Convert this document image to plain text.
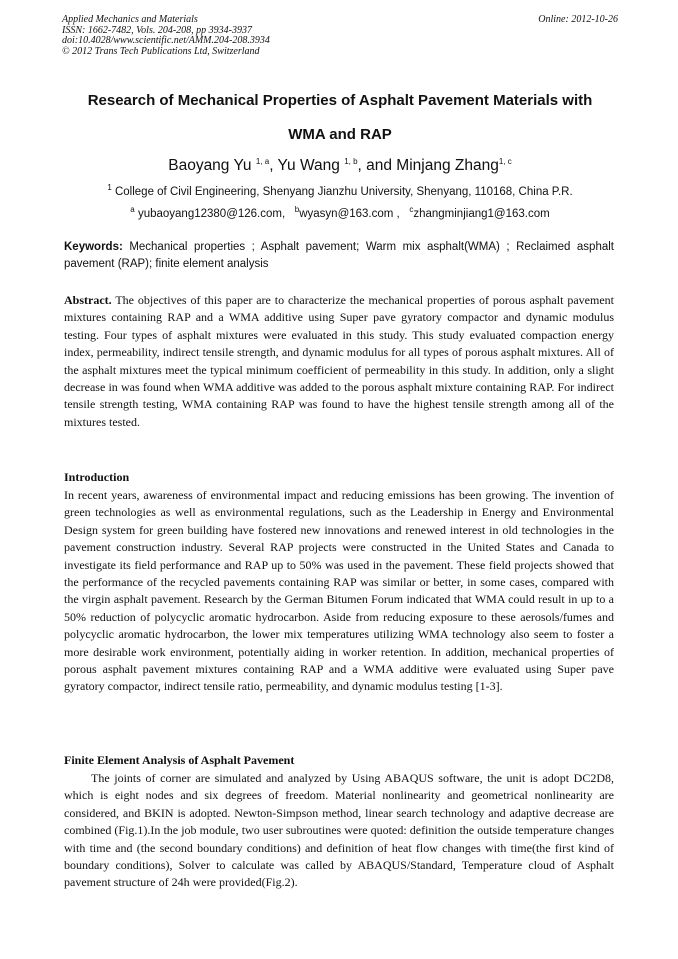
Applied Mechanics and Materials
ISSN: 1662-7482, Vols. 204-208, pp 3934-3937
doi:10.4028/www.scientific.net/AMM.204-208.3934
© 2012 Trans Tech Publications Ltd, Switzerland
Online: 2012-10-26
Research of Mechanical Properties of Asphalt Pavement Materials with
WMA and RAP
Baoyang Yu $^{1, a}$, Yu Wang $^{1, b}$, and Minjang Zhang$^{1, c}$
$^1$ College of Civil Engineering, Shenyang Jianzhu University, Shenyang, 110168, China P.R.
$^a$ yubaoyang12380@126.com, $^b$wyasyn@163.com , $^c$zhangminjiang1@163.com
Keywords: Mechanical properties ; Asphalt pavement; Warm mix asphalt(WMA) ; Reclaimed asphalt pavement (RAP); finite element analysis
Abstract. The objectives of this paper are to characterize the mechanical properties of porous asphalt pavement mixtures containing RAP and a WMA additive using Super pave gyratory compactor and dynamic modulus testing. Four types of asphalt mixtures were evaluated in this study. This study evaluated compaction energy index, permeability, indirect tensile strength, and dynamic modulus for all types of porous asphalt mixtures. All of the asphalt mixtures meet the typical minimum coefficient of permeability in this study. In addition, only a slight decrease in was found when WMA additive was added to the porous asphalt mixture containing RAP. For indirect tensile strength testing, WMA containing RAP was found to have the highest tensile strength among all of the mixtures tested.
Introduction
In recent years, awareness of environmental impact and reducing emissions has been growing. The invention of green technologies as well as environmental regulations, such as the Leadership in Energy and Environmental Design system for green building have fostered new innovations and renewed interest in old technologies in the pavement construction industry. Several RAP projects were constructed in the United States and Canada to investigate its field performance and RAP up to 50% was used in the pavement. These field projects showed that the performance of the recycled pavements containing RAP was similar or better, in some cases, compared with the virgin asphalt pavement. Research by the German Bitumen Forum indicated that WMA could result in up to a 50% reduction of polycyclic aromatic hydrocarbon. Aside from reducing exposure to these aerosols/fumes and polycyclic aromatic hydrocarbon, the lower mix temperatures utilizing WMA technology also seem to foster a more desirable work environment, potentially aiding in worker retention. In addition, mechanical properties of porous asphalt pavement mixtures containing RAP and a WMA additive were evaluated using Super pave gyratory compactor, indirect tensile ratio, permeability, and dynamic modulus testing [1-3].
Finite Element Analysis of Asphalt Pavement
The joints of corner are simulated and analyzed by Using ABAQUS software, the unit is adopt DC2D8, which is eight nodes and six degrees of freedom. Material nonlinearity and geometrical nonlinearity are considered, and BKIN is adopted. Newton-Simpson method, linear search technology and adaptive decrease are combined (Fig.1).In the job module, two user subroutines were quoted: definition the outside temperature changes with time and (the second boundary conditions) and definition of heat flow changes with time(the first kind of boundary conditions), Solver to calculate was called by ABAQUS/Standard, Temperature cloud of Asphalt pavement structure of 24h were provided(Fig.2).
